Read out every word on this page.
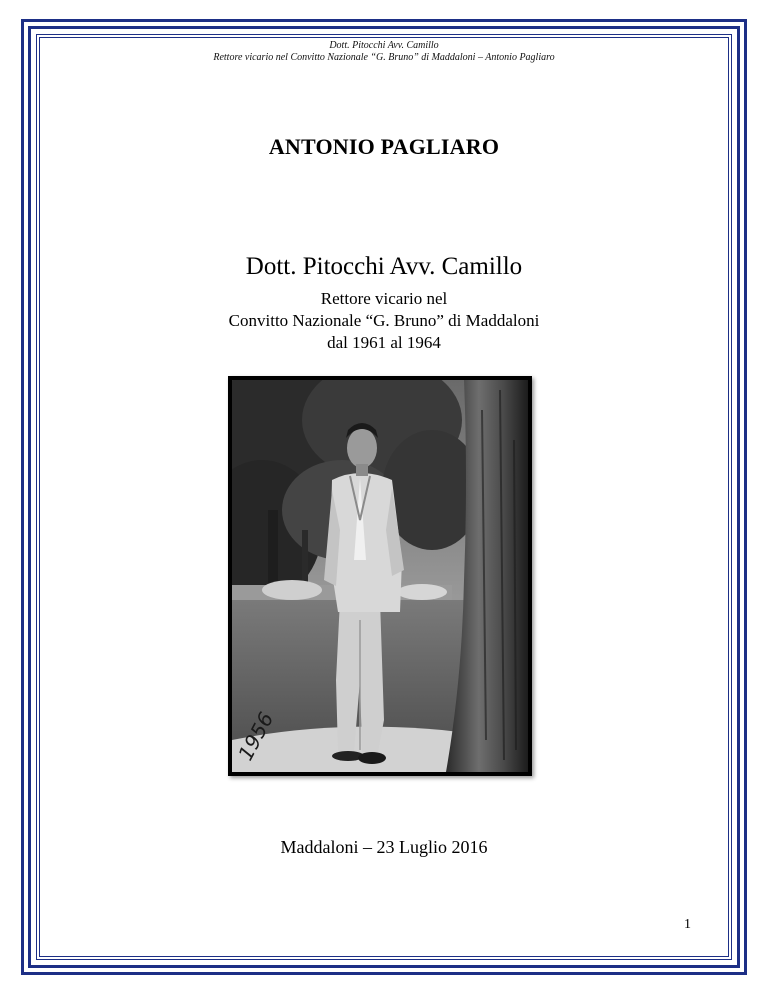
Dott. Pitocchi Avv. Camillo
Rettore vicario nel Convitto Nazionale “G. Bruno” di Maddaloni – Antonio Pagliaro
ANTONIO PAGLIARO
Dott. Pitocchi Avv. Camillo
Rettore vicario nel
Convitto Nazionale “G. Bruno” di Maddaloni
dal 1961 al 1964
1956
Maddaloni – 23 Luglio 2016
1
